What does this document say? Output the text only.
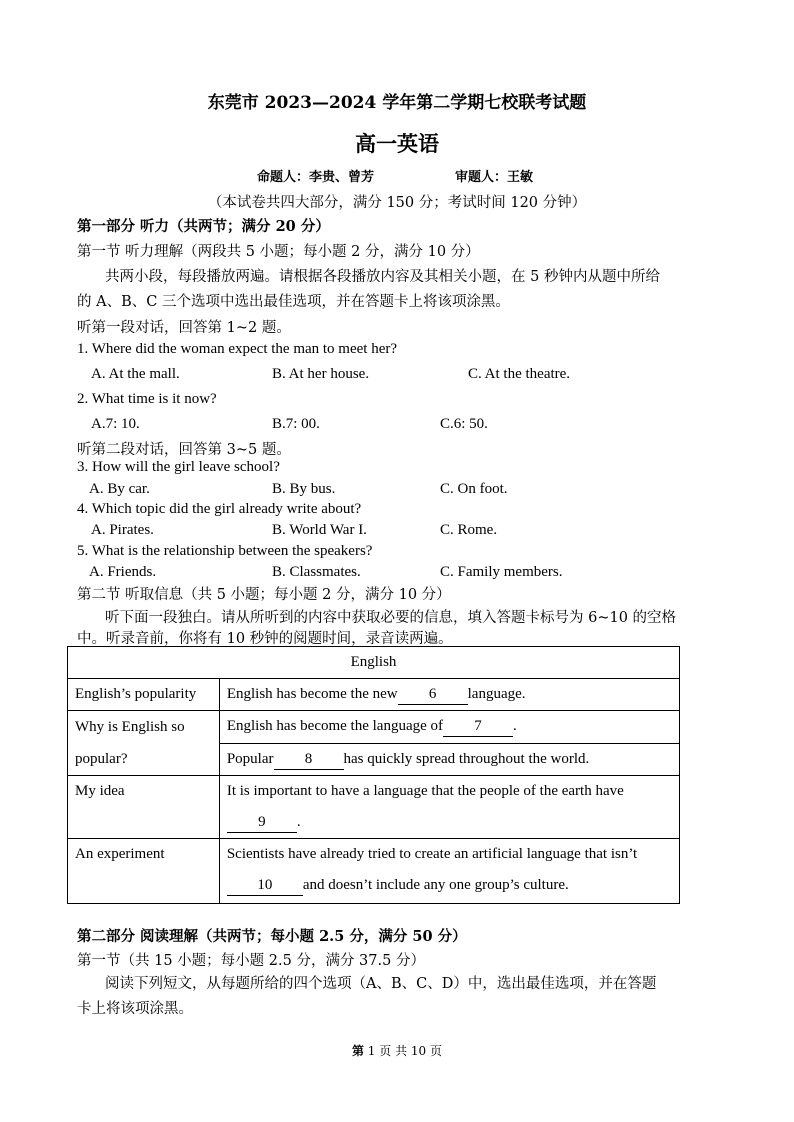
东莞市 2023—2024 学年第二学期七校联考试题
高一英语
命题人：李贵、曾芳	审题人：王敏
（本试卷共四大部分，满分 150 分；考试时间 120 分钟）
第一部分 听力（共两节；满分 20 分）
第一节 听力理解（两段共 5 小题；每小题 2 分，满分 10 分）
共两小段，每段播放两遍。请根据各段播放内容及其相关小题，在 5 秒钟内从题中所给
的 A、B、C 三个选项中选出最佳选项，并在答题卡上将该项涂黑。
听第一段对话，回答第 1~2 题。
1. Where did the woman expect the man to meet her?
A. At the mall.	B. At her house.	C. At the theatre.
2. What time is it now?
A.7: 10.	B.7: 00.	C.6: 50.
听第二段对话，回答第 3~5 题。
3. How will the girl leave school?
A. By car.	B. By bus.	C. On foot.
4. Which topic did the girl already write about?
A. Pirates.	B. World War I.	C. Rome.
5. What is the relationship between the speakers?
A. Friends.	B. Classmates.	C. Family members.
第二节 听取信息（共 5 小题；每小题 2 分，满分 10 分）
听下面一段独白。请从所听到的内容中获取必要的信息，填入答题卡标号为 6~10 的空格
中。听录音前，你将有 10 秒钟的阅题时间，录音读两遍。
English	
English’s popularity	English has become the new 6 language.

Why is English so
popular?	English has become the language of 7 .
	Popular 8 has quickly spread throughout the world.
My idea	It is important to have a language that the people of the earth have
9 .

An experiment	Scientists have already tried to create an artificial language that isn’t
10 and doesn’t include any one group’s culture.
第二部分 阅读理解（共两节；每小题 2.5 分，满分 50 分）
第一节（共 15 小题；每小题 2.5 分，满分 37.5 分）
阅读下列短文，从每题所给的四个选项（A、B、C、D）中，选出最佳选项，并在答题
卡上将该项涂黑。
第 1 页 共 10 页
